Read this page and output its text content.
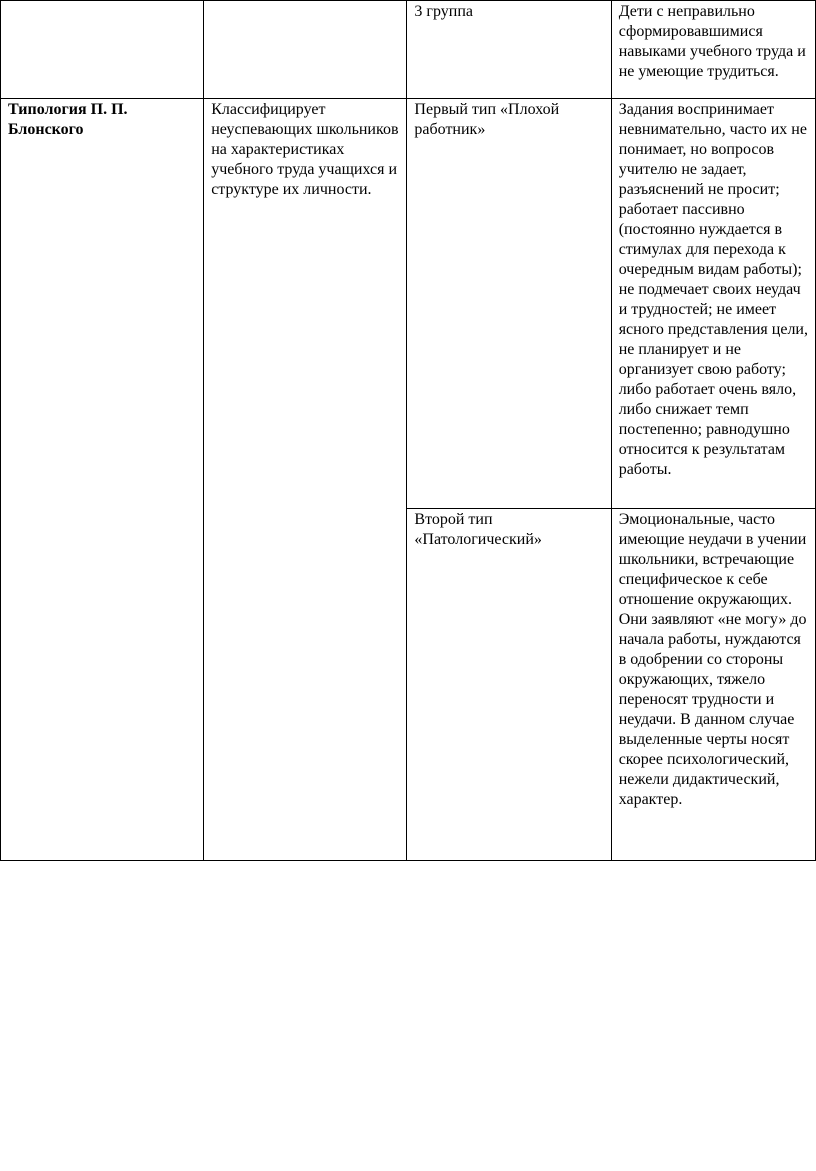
		3 группа	Дети с неправильно сформировавшимися навыками учебного труда и не умеющие трудиться.
Типология П. П. Блонского	Классифицирует неуспевающих школьников на характеристиках учебного труда учащихся и структуре их личности.	Первый тип «Плохой работник»	Задания воспринимает невнимательно, часто их не понимает, но вопросов учителю не задает, разъяснений не просит; работает пассивно (постоянно нуждается в стимулах для перехода к очередным видам работы); не подмечает своих неудач и трудностей; не имеет ясного представления цели, не планирует и не организует свою работу; либо работает очень вяло, либо снижает темп постепенно; равнодушно относится к результатам работы.
		Второй тип «Патологический»	Эмоциональные, часто имеющие неудачи в учении школьники, встречающие специфическое к себе отношение окружающих. Они заявляют «не могу» до начала работы, нуждаются в одобрении со стороны окружающих, тяжело переносят трудности и неудачи. В данном случае выделенные черты носят скорее психологический, нежели дидактический, характер.
